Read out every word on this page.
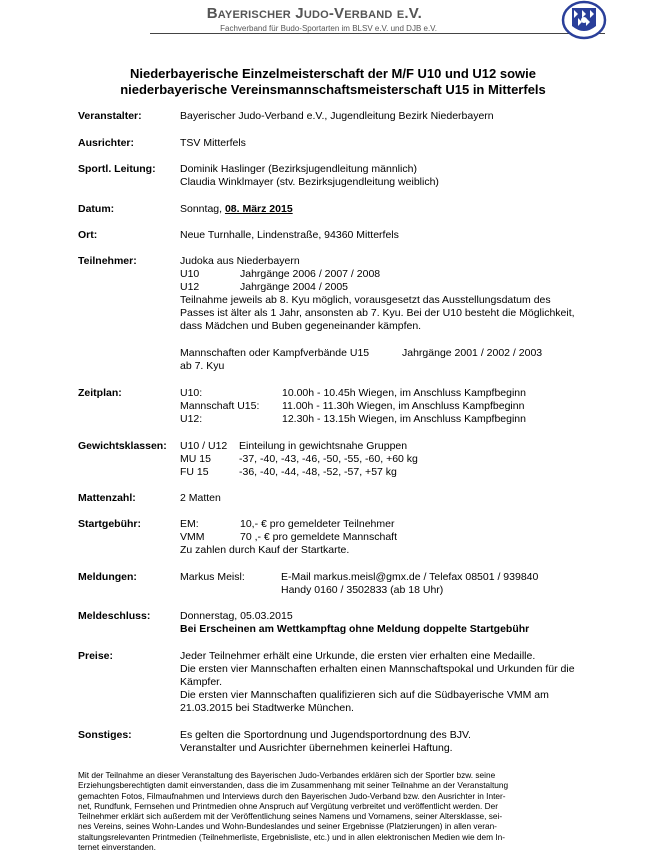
Bayerischer Judo-Verband e.V.
Fachverband für Budo-Sportarten im BLSV e.V. und DJB e.V.
Niederbayerische Einzelmeisterschaft der M/F U10 und U12 sowie
niederbayerische Vereinsmannschaftsmeisterschaft U15 in Mitterfels
Veranstalter:	Bayerischer Judo-Verband e.V., Jugendleitung Bezirk Niederbayern
Ausrichter:	TSV Mitterfels
Sportl. Leitung: Dominik Haslinger (Bezirksjugendleitung männlich)
Claudia Winklmayer (stv. Bezirksjugendleitung weiblich)
Datum:	Sonntag, 08. März 2015
Ort:	Neue Turnhalle, Lindenstraße, 94360 Mitterfels
Teilnehmer:	Judoka aus Niederbayern
U10	Jahrgänge 2006 / 2007 / 2008
U12	Jahrgänge 2004 / 2005
Teilnahme jeweils ab 8. Kyu möglich, vorausgesetzt das Ausstellungsdatum des
Passes ist älter als 1 Jahr, ansonsten ab 7. Kyu. Bei der U10 besteht die Möglichkeit,
dass Mädchen und Buben gegeneinander kämpfen.
Mannschaften oder Kampfverbände U15	Jahrgänge 2001 / 2002 / 2003
ab 7. Kyu
Zeitplan:	U10:	10.00h - 10.45h Wiegen, im Anschluss Kampfbeginn
Mannschaft U15: 11.00h - 11.30h Wiegen, im Anschluss Kampfbeginn
U12:	12.30h - 13.15h Wiegen, im Anschluss Kampfbeginn
Gewichtsklassen: U10 / U12 Einteilung in gewichtsnahe Gruppen
MU 15	-37, -40, -43, -46, -50, -55, -60, +60 kg
FU 15	-36, -40, -44, -48, -52, -57, +57 kg
Mattenzahl:	2 Matten
Startgebühr:	EM:	10,- € pro gemeldeter Teilnehmer
VMM	70 ,- € pro gemeldete Mannschaft
Zu zahlen durch Kauf der Startkarte.
Meldungen:	Markus Meisl:	E-Mail markus.meisl@gmx.de / Telefax 08501 / 939840
Handy 0160 / 3502833 (ab 18 Uhr)
Meldeschluss:	Donnerstag, 05.03.2015
Bei Erscheinen am Wettkampftag ohne Meldung doppelte Startgebühr
Preise:	Jeder Teilnehmer erhält eine Urkunde, die ersten vier erhalten eine Medaille.
Die ersten vier Mannschaften erhalten einen Mannschaftspokal und Urkunden für die
Kämpfer.
Die ersten vier Mannschaften qualifizieren sich auf die Südbayerische VMM am
21.03.2015 bei Stadtwerke München.
Sonstiges:	Es gelten die Sportordnung und Jugendsportordnung des BJV.
Veranstalter und Ausrichter übernehmen keinerlei Haftung.
Mit der Teilnahme an dieser Veranstaltung des Bayerischen Judo-Verbandes erklären sich der Sportler bzw. seine
Erziehungsberechtigten damit einverstanden, dass die im Zusammenhang mit seiner Teilnahme an der Veranstaltung
gemachten Fotos, Filmaufnahmen und Interviews durch den Bayerischen Judo-Verband bzw. den Ausrichter in Inter-
net, Rundfunk, Fernsehen und Printmedien ohne Anspruch auf Vergütung verbreitet und veröffentlicht werden. Der
Teilnehmer erklärt sich außerdem mit der Veröffentlichung seines Namens und Vornamens, seiner Altersklasse, sei-
nes Vereins, seines Wohn-Landes und Wohn-Bundeslandes und seiner Ergebnisse (Platzierungen) in allen veran-
staltungsrelevanten Printmedien (Teilnehmerliste, Ergebnisliste, etc.) und in allen elektronischen Medien wie dem In-
ternet einverstanden.
